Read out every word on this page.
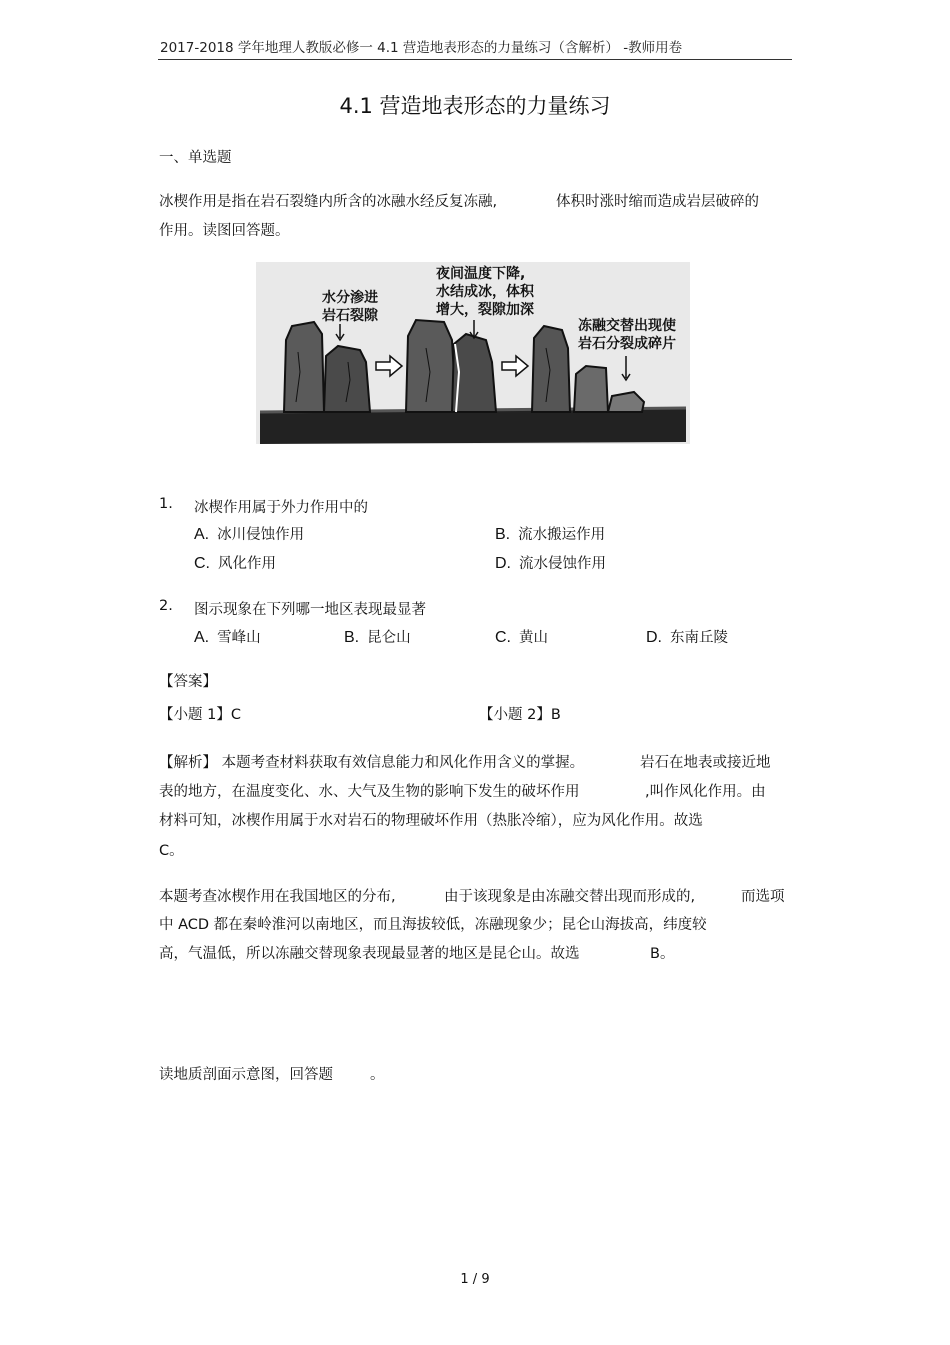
2017-2018 学年地理人教版必修一 4.1 营造地表形态的力量练习（含解析） -教师用卷
4.1 营造地表形态的力量练习
一、单选题
冰楔作用是指在岩石裂缝内所含的冰融水经反复冻融,	体积时涨时缩而造成岩层破碎的
作用。读图回答题。
水分渗进
岩石裂隙
夜间温度下降,
水结成冰，体积
增大，裂隙加深
冻融交替出现使
岩石分裂成碎片
1. 冰楔作用属于外力作用中的
A. 冰川侵蚀作用	B. 流水搬运作用
C. 风化作用	D. 流水侵蚀作用
2. 图示现象在下列哪一地区表现最显著
A. 雪峰山	B. 昆仑山	C. 黄山	D. 东南丘陵
【答案】
【小题 1】C	【小题 2】B
【解析】 本题考查材料获取有效信息能力和风化作用含义的掌握。	岩石在地表或接近地
表的地方，在温度变化、水、大气及生物的影响下发生的破坏作用	,叫作风化作用。由
材料可知，冰楔作用属于水对岩石的物理破坏作用（热胀冷缩），应为风化作用。故选
C。
本题考查冰楔作用在我国地区的分布,	由于该现象是由冻融交替出现而形成的,	而选项
中 ACD 都在秦岭淮河以南地区，而且海拔较低，冻融现象少；昆仑山海拔高，纬度较
高，气温低，所以冻融交替现象表现最显著的地区是昆仑山。故选	B。
读地质剖面示意图，回答题	。
1 / 9
